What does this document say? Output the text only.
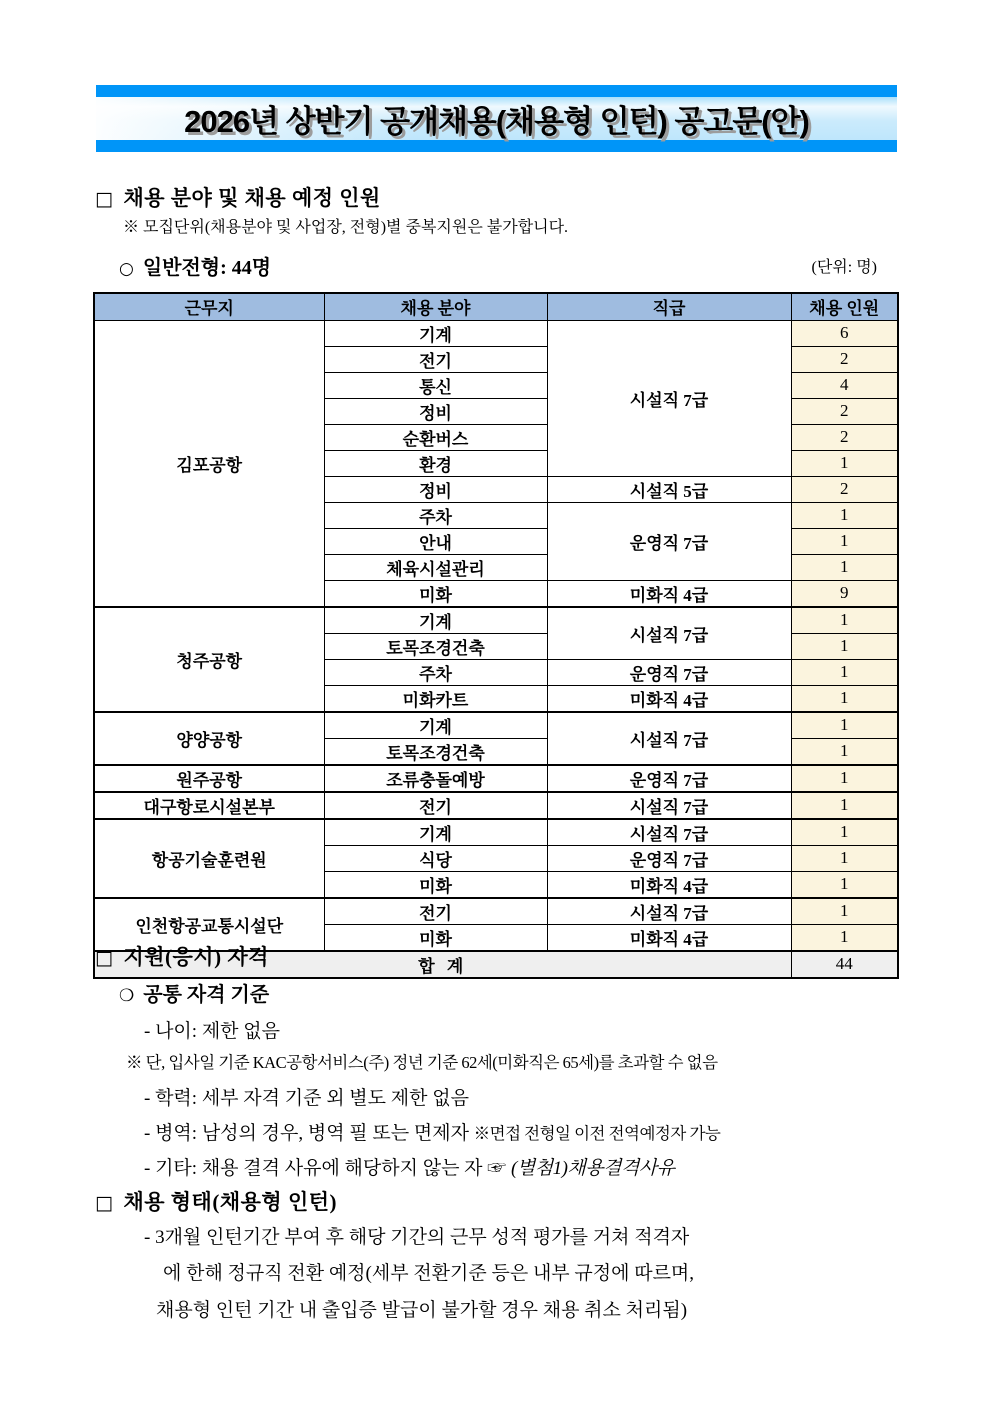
2026년 상반기 공개채용(채용형 인턴) 공고문(안)
□ 채용 분야 및 채용 예정 인원
※ 모집단위(채용분야 및 사업장, 전형)별 중복지원은 불가합니다.
○ 일반전형: 44명	(단위: 명)
근무지	채용 분야	직급	채용 인원
김포공항	기계	시설직 7급	6
	전기		2
	통신		4
	정비		2
	순환버스		2
	환경		1
	정비	시설직 5급	2
	주차	운영직 7급	1
	안내		1
	체육시설관리		1
	미화	미화직 4급	9
청주공항	기계	시설직 7급	1
	토목조경건축		1
	주차	운영직 7급	1
	미화카트	미화직 4급	1
양양공항	기계	시설직 7급	1
	토목조경건축		1
원주공항	조류충돌예방	운영직 7급	1
대구항로시설본부	전기	시설직 7급	1
항공기술훈련원	기계	시설직 7급	1
	식당	운영직 7급	1
	미화	미화직 4급	1
인천항공교통시설단	전기	시설직 7급	1
	미화	미화직 4급	1
합 계			44
□ 지원(응시) 자격
❍ 공통 자격 기준
- 나이: 제한 없음
※ 단, 입사일 기준 KAC공항서비스(주) 정년 기준 62세(미화직은 65세)를 초과할 수 없음
- 학력: 세부 자격 기준 외 별도 제한 없음
- 병역: 남성의 경우, 병역 필 또는 면제자 ※면접 전형일 이전 전역예정자 가능
- 기타: 채용 결격 사유에 해당하지 않는 자 ☞ (별첨1)채용결격사유
□ 채용 형태(채용형 인턴)
- 3개월 인턴기간 부여 후 해당 기간의 근무 성적 평가를 거쳐 적격자
에 한해 정규직 전환 예정(세부 전환기준 등은 내부 규정에 따르며,
채용형 인턴 기간 내 출입증 발급이 불가할 경우 채용 취소 처리됨)
